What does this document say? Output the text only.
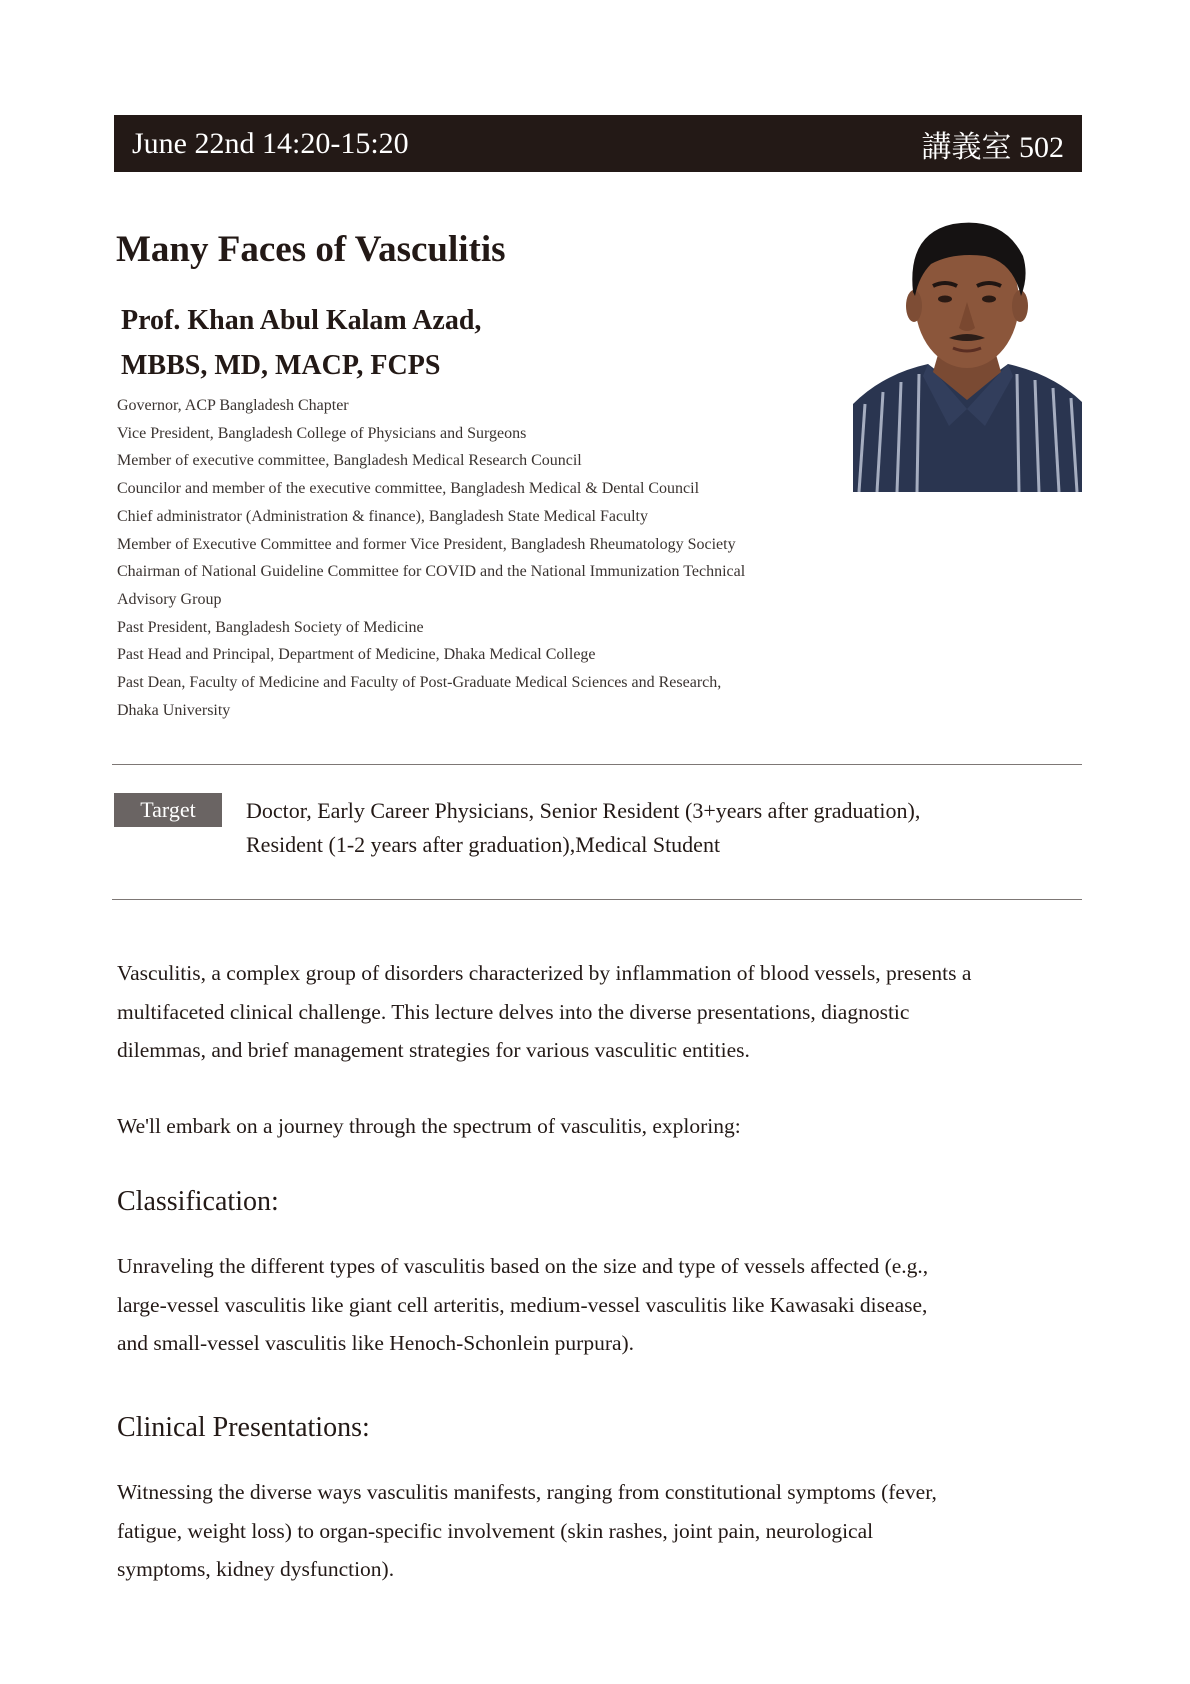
June 22nd 14:20-15:20	講義室 502
Many Faces of Vasculitis
Prof. Khan Abul Kalam Azad,
MBBS, MD, MACP, FCPS
Governor, ACP Bangladesh Chapter
Vice President, Bangladesh College of Physicians and Surgeons
Member of executive committee, Bangladesh Medical Research Council
Councilor and member of the executive committee, Bangladesh Medical & Dental Council
Chief administrator (Administration & finance), Bangladesh State Medical Faculty
Member of Executive Committee and former Vice President, Bangladesh Rheumatology Society
Chairman of National Guideline Committee for COVID and the National Immunization Technical
Advisory Group
Past President, Bangladesh Society of Medicine
Past Head and Principal, Department of Medicine, Dhaka Medical College
Past Dean, Faculty of Medicine and Faculty of Post-Graduate Medical Sciences and Research,
Dhaka University
Target	Doctor, Early Career Physicians, Senior Resident (3+years after graduation),
Resident (1-2 years after graduation),Medical Student

Vasculitis, a complex group of disorders characterized by inflammation of blood vessels, presents a
multifaceted clinical challenge. This lecture delves into the diverse presentations, diagnostic
dilemmas, and brief management strategies for various vasculitic entities.

We'll embark on a journey through the spectrum of vasculitis, exploring:

Classification:

Unraveling the different types of vasculitis based on the size and type of vessels affected (e.g.,
large-vessel vasculitis like giant cell arteritis, medium-vessel vasculitis like Kawasaki disease,
and small-vessel vasculitis like Henoch-Schonlein purpura).

Clinical Presentations:

Witnessing the diverse ways vasculitis manifests, ranging from constitutional symptoms (fever,
fatigue, weight loss) to organ-specific involvement (skin rashes, joint pain, neurological
symptoms, kidney dysfunction).
